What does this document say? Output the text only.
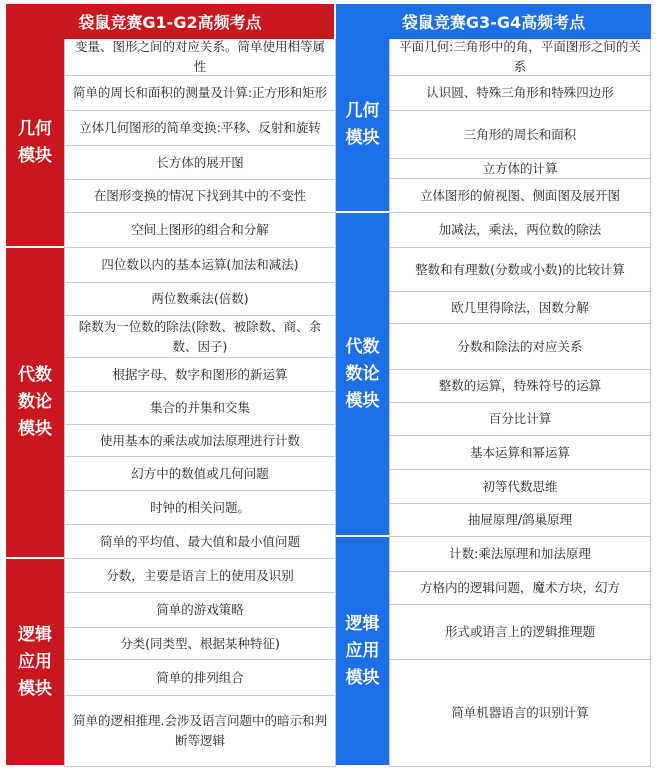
袋鼠竞赛G1-G2高频考点
几何
模块
代数
数论
模块
逻辑
应用
模块
变量、图形之间的对应关系。简单使用相等属性
简单的周长和面积的测量及计算:正方形和矩形
立体几何图形的简单变换:平移、反射和旋转
长方体的展开图
在图形变换的情况下找到其中的不变性
空间上图形的组合和分解
四位数以内的基本运算(加法和减法)
两位数乘法(倍数)
除数为一位数的除法(除数、被除数、商、余数、因子)
根据字母、数字和图形的新运算
集合的并集和交集
使用基本的乘法或加法原理进行计数
幻方中的数值或几何问题
时钟的相关问题。
简单的平均值、最大值和最小值问题
分数，主要是语言上的使用及识别
简单的游戏策略
分类(同类型、根据某种特征)
简单的排列组合
简单的逻相推理.会涉及语言问题中的暗示和判断等逻辑
袋鼠竞赛G3-G4高频考点
几何
模块
代数
数论
模块
逻辑
应用
模块
平面几何:三角形中的角，平面图形之间的关系
认识圆、特殊三角形和特殊四边形
三角形的周长和面积
立方体的计算
立体图形的俯视图、侧面图及展开图
加减法，乘法，两位数的除法
整数和有理数(分数或小数)的比较计算
欧几里得除法，因数分解
分数和除法的对应关系
整数的运算，特殊符号的运算
百分比计算
基本运算和幂运算
初等代数思维
抽屉原理/鸽巢原理
计数:乘法原理和加法原理
方格内的逻辑问题，魔术方块，幻方
形式或语言上的逻辑推理题
简单机器语言的识别计算
